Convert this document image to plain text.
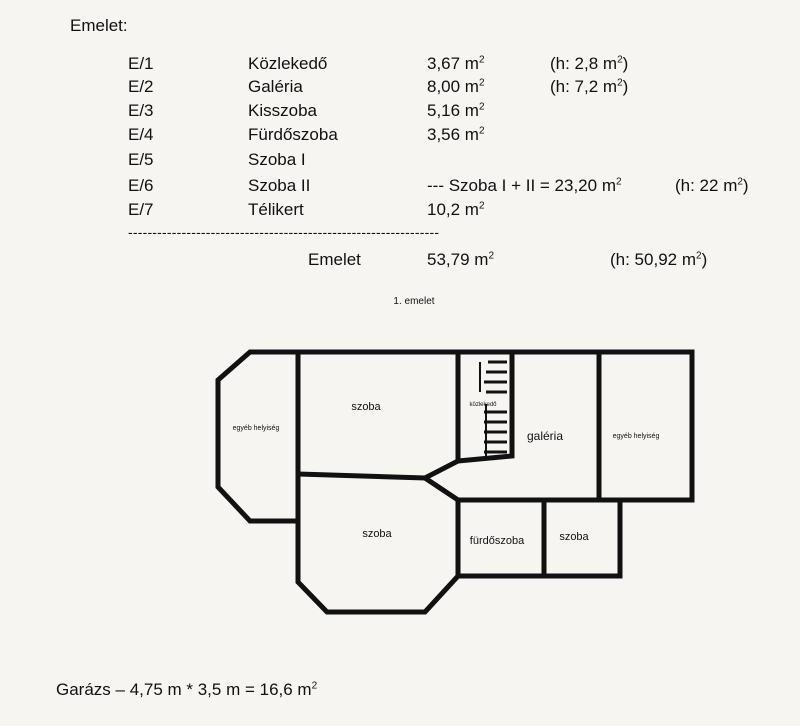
Emelet:
E/1	Közlekedő	3,67 $m^2$	(h: 2,8 $m^2$)
E/2	Galéria	8,00 $m^2$	(h: 7,2 $m^2$)
E/3	Kisszoba	5,16 $m^2$
E/4	Fürdőszoba	3,56 $m^2$
E/5	Szoba I
E/6	Szoba II	--- Szoba I + II = 23,20 $m^2$	(h: 22 $m^2$)
E/7	Télikert	10,2 $m^2$
----------------------------------------------------------------
Emelet	53,79 $m^2$	(h: 50,92 $m^2$)
1. emelet
egyéb helyiség
szoba	közlekedő
galéria	egyéb helyiség
szoba
fürdőszoba	szoba
Garázs – 4,75 m * 3,5 m = 16,6 $m^2$
